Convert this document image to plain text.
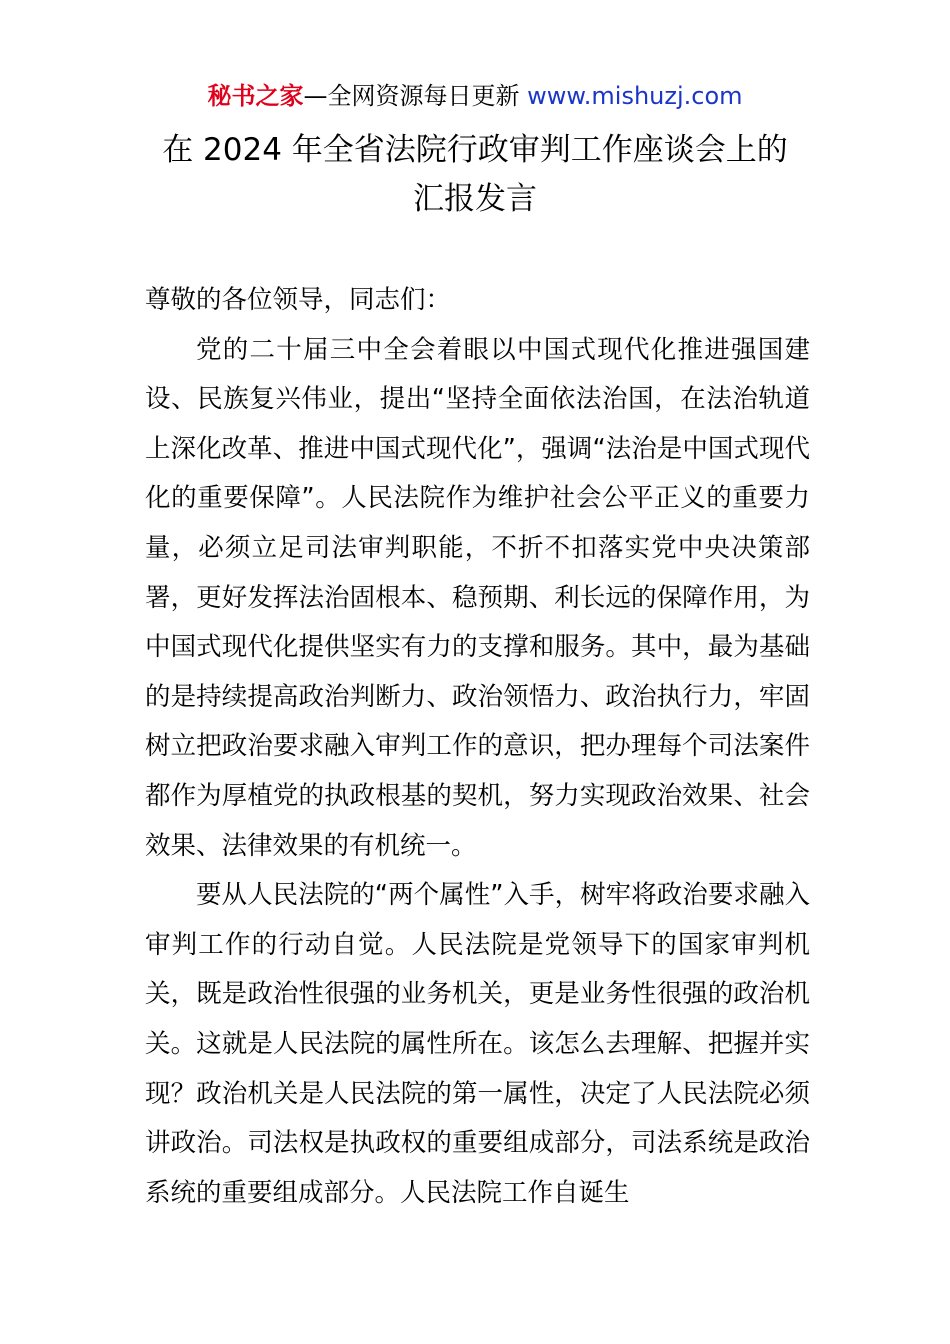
秘书之家—全网资源每日更新 www.mishuzj.com
在 2024 年全省法院行政审判工作座谈会上的
汇报发言

尊敬的各位领导，同志们：

党的二十届三中全会着眼以中国式现代化推进强国建设、民族复兴伟业，提出“坚持全面依法治国，在法治轨道上深化改革、推进中国式现代化”，强调“法治是中国式现代化的重要保障”。人民法院作为维护社会公平正义的重要力量，必须立足司法审判职能，不折不扣落实党中央决策部署，更好发挥法治固根本、稳预期、利长远的保障作用，为中国式现代化提供坚实有力的支撑和服务。其中，最为基础的是持续提高政治判断力、政治领悟力、政治执行力，牢固树立把政治要求融入审判工作的意识，把办理每个司法案件都作为厚植党的执政根基的契机，努力实现政治效果、社会效果、法律效果的有机统一。

要从人民法院的“两个属性”入手，树牢将政治要求融入审判工作的行动自觉。人民法院是党领导下的国家审判机关，既是政治性很强的业务机关，更是业务性很强的政治机关。这就是人民法院的属性所在。该怎么去理解、把握并实现？政治机关是人民法院的第一属性，决定了人民法院必须讲政治。司法权是执政权的重要组成部分，司法系统是政治系统的重要组成部分。人民法院工作自诞生
